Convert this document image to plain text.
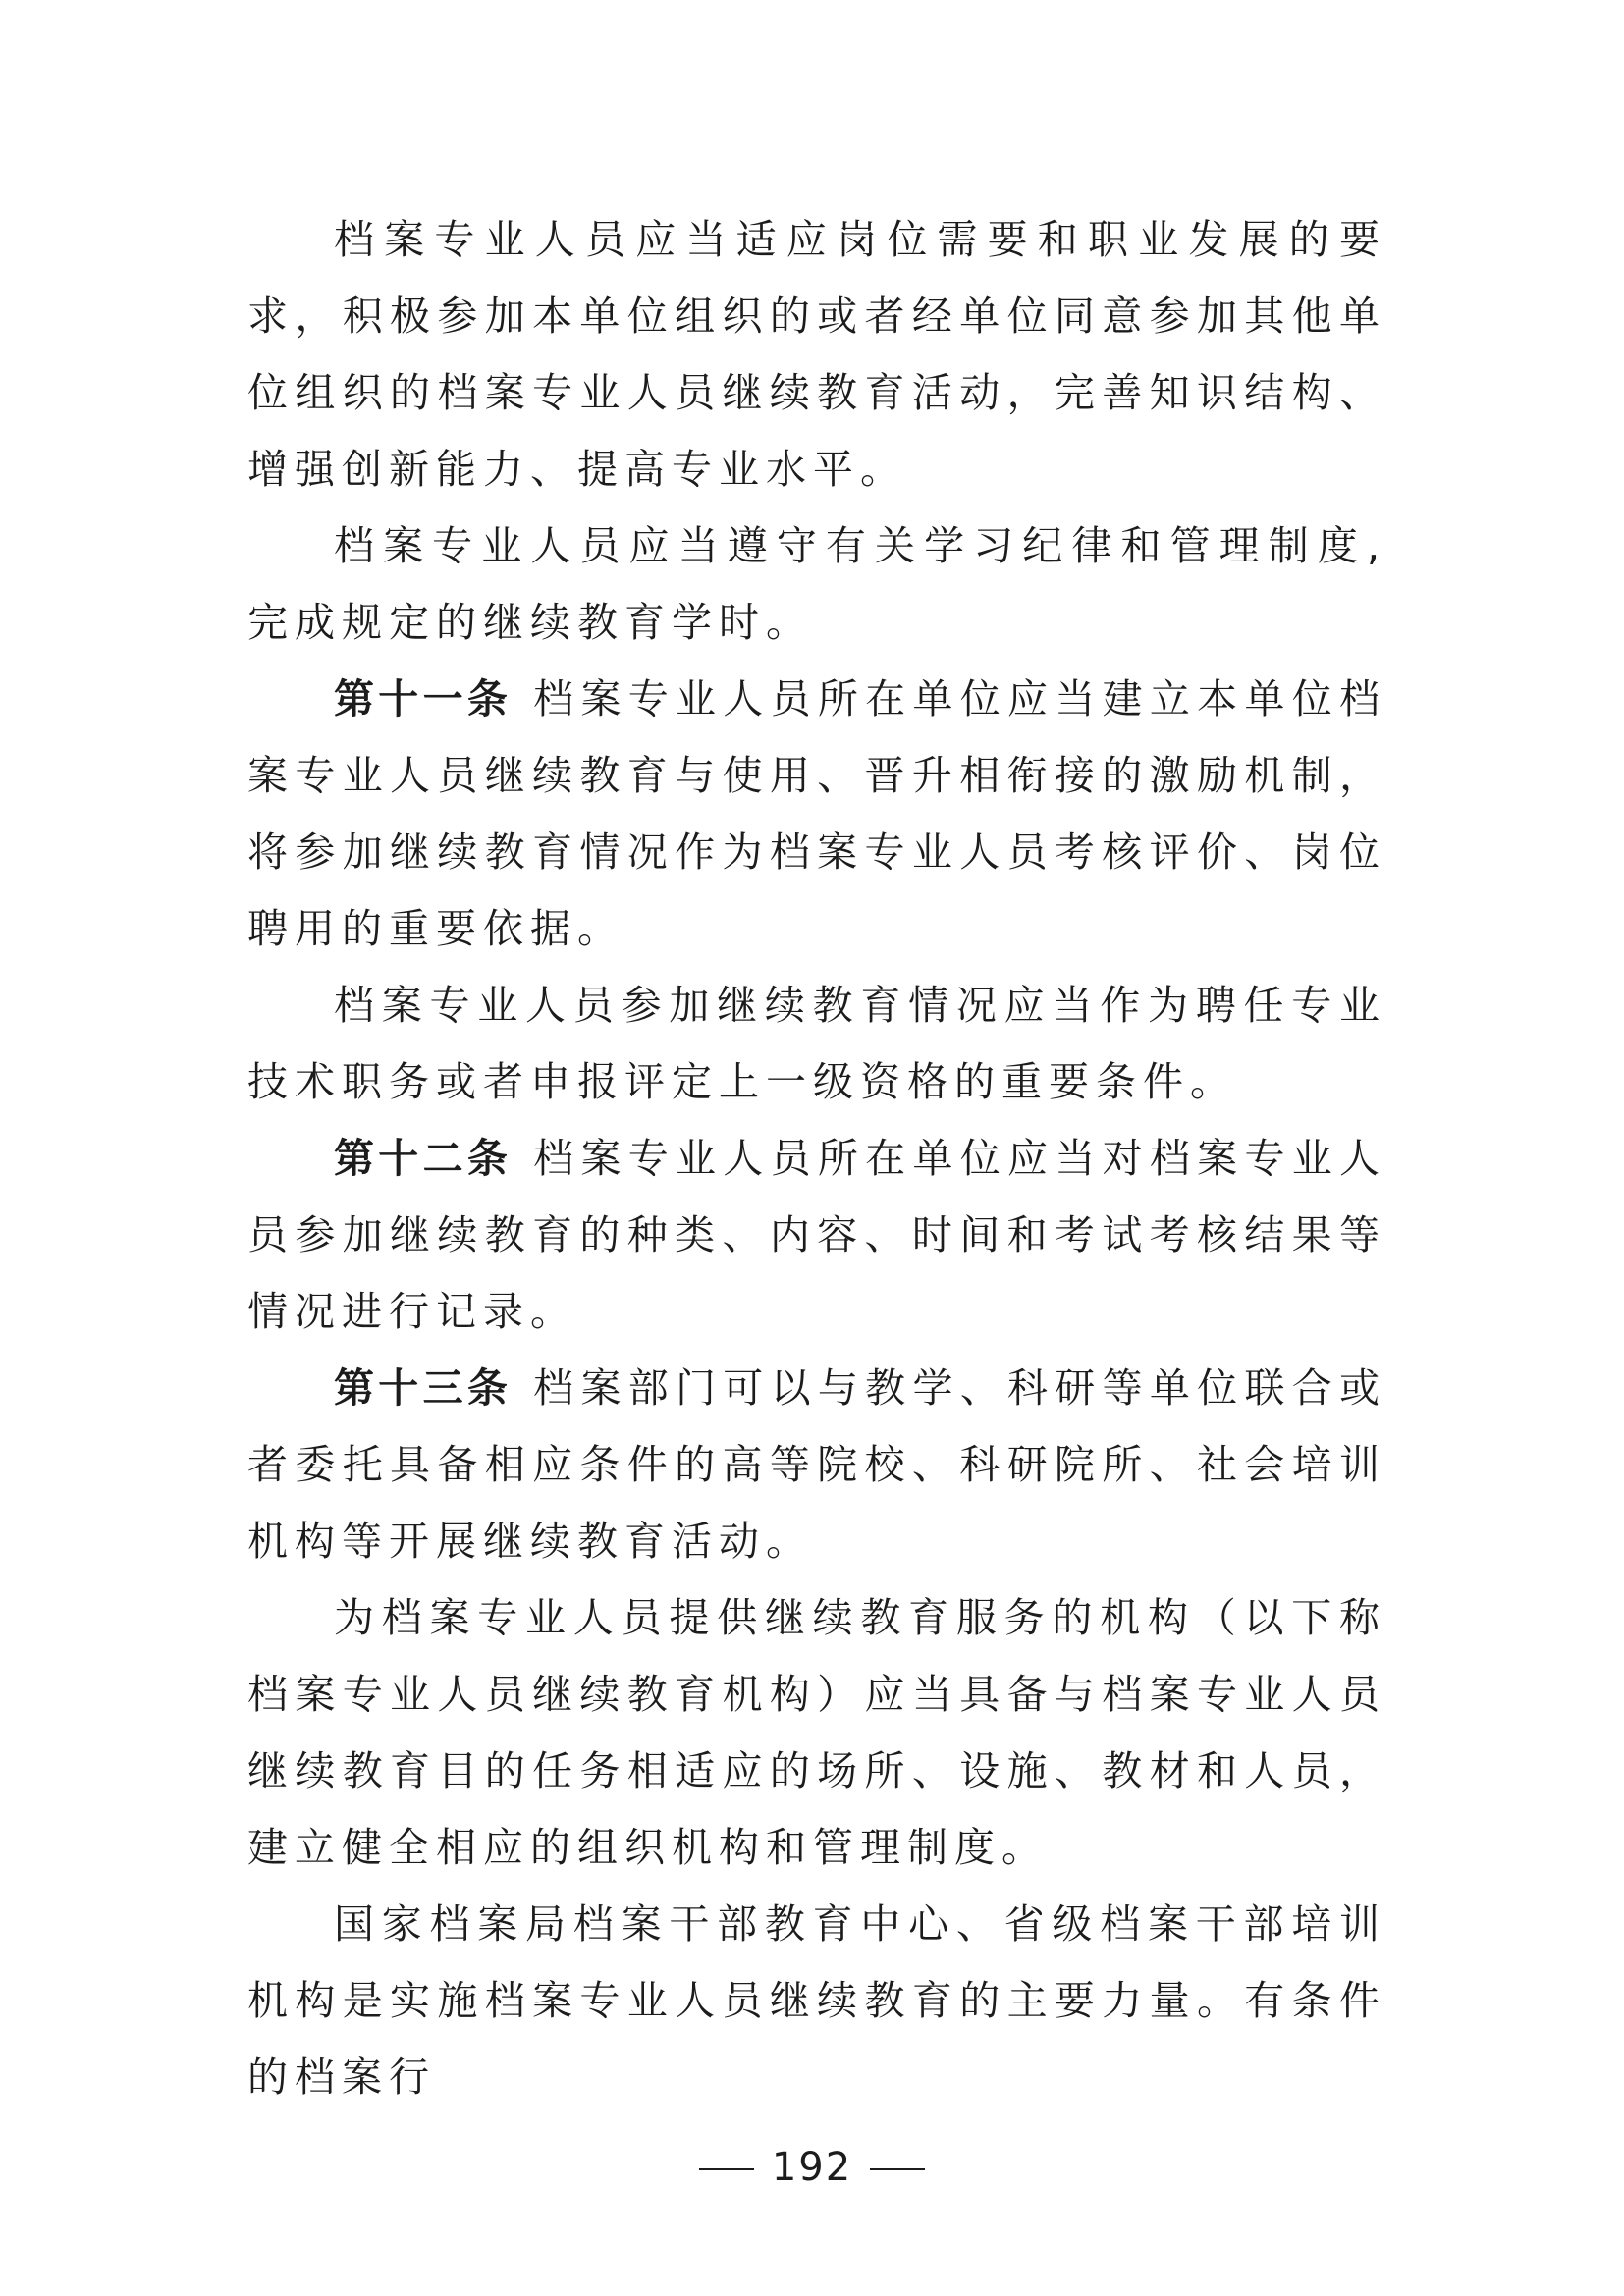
档案专业人员应当适应岗位需要和职业发展的要求，积极参加本单位组织的或者经单位同意参加其他单位组织的档案专业人员继续教育活动，完善知识结构、增强创新能力、提高专业水平。

档案专业人员应当遵守有关学习纪律和管理制度,完成规定的继续教育学时。

第十一条 档案专业人员所在单位应当建立本单位档案专业人员继续教育与使用、晋升相衔接的激励机制，将参加继续教育情况作为档案专业人员考核评价、岗位聘用的重要依据。

档案专业人员参加继续教育情况应当作为聘任专业技术职务或者申报评定上一级资格的重要条件。

第十二条 档案专业人员所在单位应当对档案专业人员参加继续教育的种类、内容、时间和考试考核结果等情况进行记录。

第十三条 档案部门可以与教学、科研等单位联合或者委托具备相应条件的高等院校、科研院所、社会培训机构等开展继续教育活动。

为档案专业人员提供继续教育服务的机构（以下称档案专业人员继续教育机构）应当具备与档案专业人员继续教育目的任务相适应的场所、设施、教材和人员，建立健全相应的组织机构和管理制度。

国家档案局档案干部教育中心、省级档案干部培训机构是实施档案专业人员继续教育的主要力量。有条件的档案行

192
